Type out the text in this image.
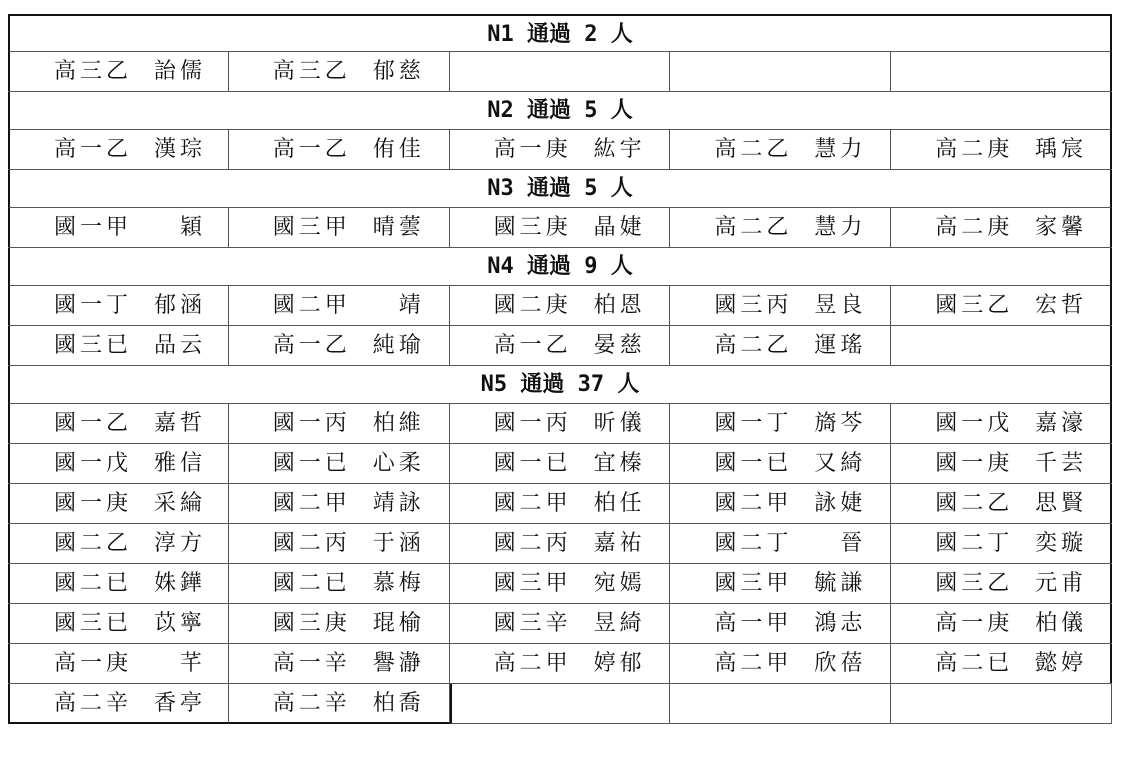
N1 通過 2 人
高三乙 詒儒	高三乙 郁慈
N2 通過 5 人
高一乙 漢琮	高一乙 侑佳	高一庚 紘宇	高二乙 慧力	高二庚 瑀宸
N3 通過 5 人
國一甲 穎	國三甲 晴蕓	國三庚 晶婕	高二乙 慧力	高二庚 家馨
N4 通過 9 人
國一丁 郁涵	國二甲 靖	國二庚 柏恩	國三丙 昱良	國三乙 宏哲
國三已 品云	高一乙 純瑜	高一乙 晏慈	高二乙 運瑤
N5 通過 37 人
國一乙 嘉哲	國一丙 柏維	國一丙 昕儀	國一丁 旖芩	國一戊 嘉濠
國一戊 雅信	國一已 心柔	國一已 宜榛	國一已 又綺	國一庚 千芸
國一庚 采綸	國二甲 靖詠	國二甲 柏任	國二甲 詠婕	國二乙 思賢
國二乙 淳方	國二丙 于涵	國二丙 嘉祐	國二丁 晉	國二丁 奕璇
國二已 姝鏵	國二已 慕梅	國三甲 宛嫣	國三甲 毓謙	國三乙 元甫
國三已 苡寧	國三庚 琨榆	國三辛 昱綺	高一甲 鴻志	高一庚 柏儀
高一庚 芊	高一辛 譽瀞	高二甲 婷郁	高二甲 欣蓓	高二已 懿婷
高二辛 香亭	高二辛 柏喬
